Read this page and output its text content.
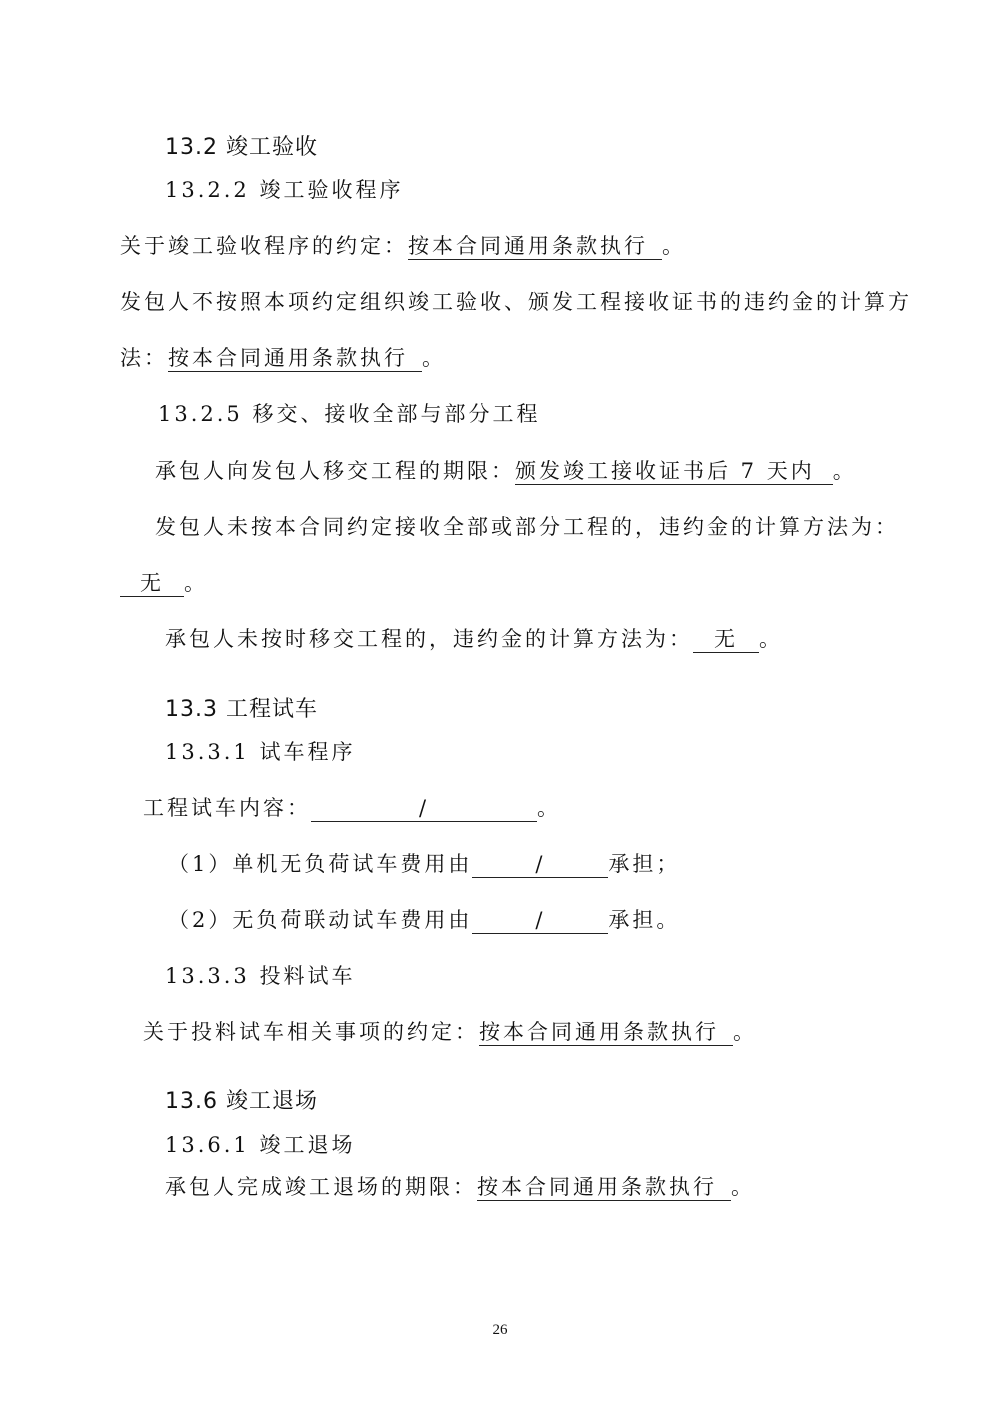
13.2 竣工验收
13.2.2 竣工验收程序
关于竣工验收程序的约定：按本合同通用条款执行 。
发包人不按照本项约定组织竣工验收、颁发工程接收证书的违约金的计算方
法：按本合同通用条款执行 。
13.2.5 移交、接收全部与部分工程
承包人向发包人移交工程的期限：颁发竣工接收证书后 7 天内 。
发包人未按本合同约定接收全部或部分工程的，违约金的计算方法为：
无 。
承包人未按时移交工程的，违约金的计算方法为： 无 。
13.3 工程试车
13.3.1 试车程序
工程试车内容：	/	。
（1）单机无负荷试车费用由	/	承担；
（2）无负荷联动试车费用由	/	承担。
13.3.3 投料试车
关于投料试车相关事项的约定：按本合同通用条款执行 。
13.6 竣工退场
13.6.1 竣工退场
承包人完成竣工退场的期限：按本合同通用条款执行 。
26
